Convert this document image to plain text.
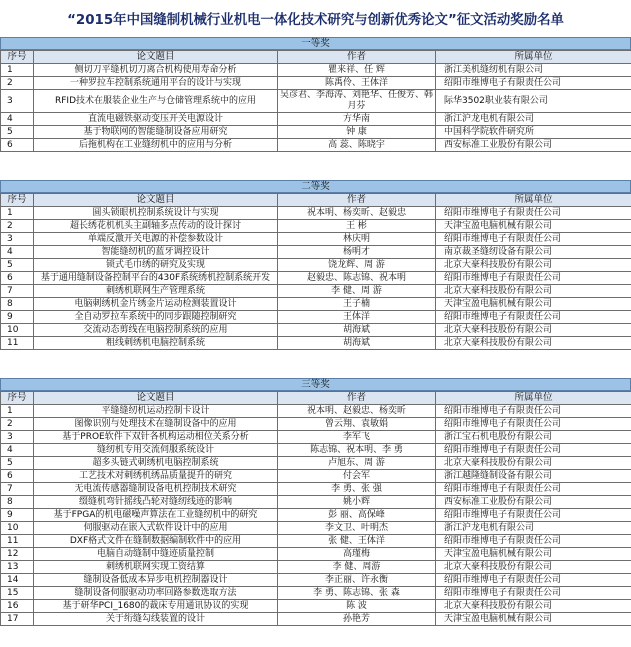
“2015年中国缝制机械行业机电一体化技术研究与创新优秀论文”征文活动奖励名单
一等奖
序号	论文题目	作者	所属单位
1	侧切刀平缝机切刀离合机构使用寿命分析	瞿来祥、任 辉	浙江美机缝纫机有限公司
2	一种罗拉车控制系统通用平台的设计与实现	陈禹伶、王体洋	绍阳市维博电子有限责任公司
3	RFID技术在服装企业生产与仓储管理系统中的应用	吴彦君、李海涛、刘艳华、任俊芳、韩月芬	际华3502职业装有限公司
4	直流电磁铁驱动变压开关电源设计	方华南	浙江沪龙电机有限公司
5	基于物联网的智能缝制设备应用研究	钟 康	中国科学院软件研究所
6	后拖机构在工业缝纫机中的应用与分析	高 蕊、陈晓宇	西安标准工业股份有限公司
二等奖
序号	论文题目	作者	所属单位
1	圆头锁眼机控制系统设计与实现	祝本明、杨奕昕、赵毅忠	绍阳市维博电子有限责任公司
2	超长绣花机机头主副轴多点传动的设计探讨	王 彬	天津宝盈电脑机械有限公司
3	单端反激开关电源的补偿参数设计	林庆明	绍阳市维博电子有限责任公司
4	智能缝纫机的蓝牙调控设计	杨明才	南京裁圣缝纫设备有限公司
5	锁式毛巾绣的研究及实现	饶龙辉、周 游	北京大豪科技股份有限公司
6	基于通用缝制设备控制平台的430F系统绣机控制系统开发	赵毅忠、陈志锦、祝本明	绍阳市维博电子有限责任公司
7	刺绣机联网生产管理系统	李 健、周 游	北京大豪科技股份有限公司
8	电脑刺绣机金片绣金片运动检测装置设计	王子楠	天津宝盈电脑机械有限公司
9	全自动罗拉车系统中的同步跟随控制研究	王体洋	绍阳市维博电子有限责任公司
10	交流动态剪线在电脑控制系统的应用	胡海斌	北京大豪科技股份有限公司
11	粗线刺绣机电脑控制系统	胡海斌	北京大豪科技股份有限公司
三等奖
序号	论文题目	作者	所属单位
1	平缝缝纫机运动控制卡设计	祝本明、赵毅忠、杨奕昕	绍阳市维博电子有限责任公司
2	图像识别与处理技术在缝制设备中的应用	曾云翔、袁敏娟	绍阳市维博电子有限责任公司
3	基于PROE软件下双针各机构运动相位关系分析	李军飞	浙江宝石机电股份有限公司
4	缝纫机专用交流伺服系统设计	陈志锦、祝本明、李 勇	绍阳市维博电子有限责任公司
5	超多头链式刺绣机电脑控制系统	卢旭东、周 游	北京大豪科技股份有限公司
6	工艺技术对刺绣机绣品质量提升的研究	付会军	浙江越隆缝制设备有限公司
7	无电流传感器缝制设备电机控制技术研究	李 勇、张 强	绍阳市维博电子有限责任公司
8	缀缝机弯针摇线凸轮对缝纫线迹的影响	姚小辉	西安标准工业股份有限公司
9	基于FPGA的机电磁噪声算法在工业缝纫机中的研究	彭 丽、高保峰	绍阳市维博电子有限责任公司
10	伺服驱动在嵌入式软件设计中的应用	李文卫、叶明杰	浙江沪龙电机有限公司
11	DXF格式文件在缝制数据编制软件中的应用	张 健、王体洋	绍阳市维博电子有限责任公司
12	电脑自动缝制中缝迹质量控制	高瑾梅	天津宝盈电脑机械有限公司
13	刺绣机联网实现工资结算	李 健、周游	北京大豪科技股份有限公司
14	缝制设备低成本异步电机控制器设计	李正丽、许永衡	绍阳市维博电子有限责任公司
15	缝制设备伺服驱动功率回路参数选取方法	李 勇、陈志锦、张 森	绍阳市维博电子有限责任公司
16	基于研华PCI_1680的裁床专用通讯协议的实现	陈 波	北京大豪科技股份有限公司
17	关于绗缝勾线装置的设计	孙艳芳	天津宝盈电脑机械有限公司
